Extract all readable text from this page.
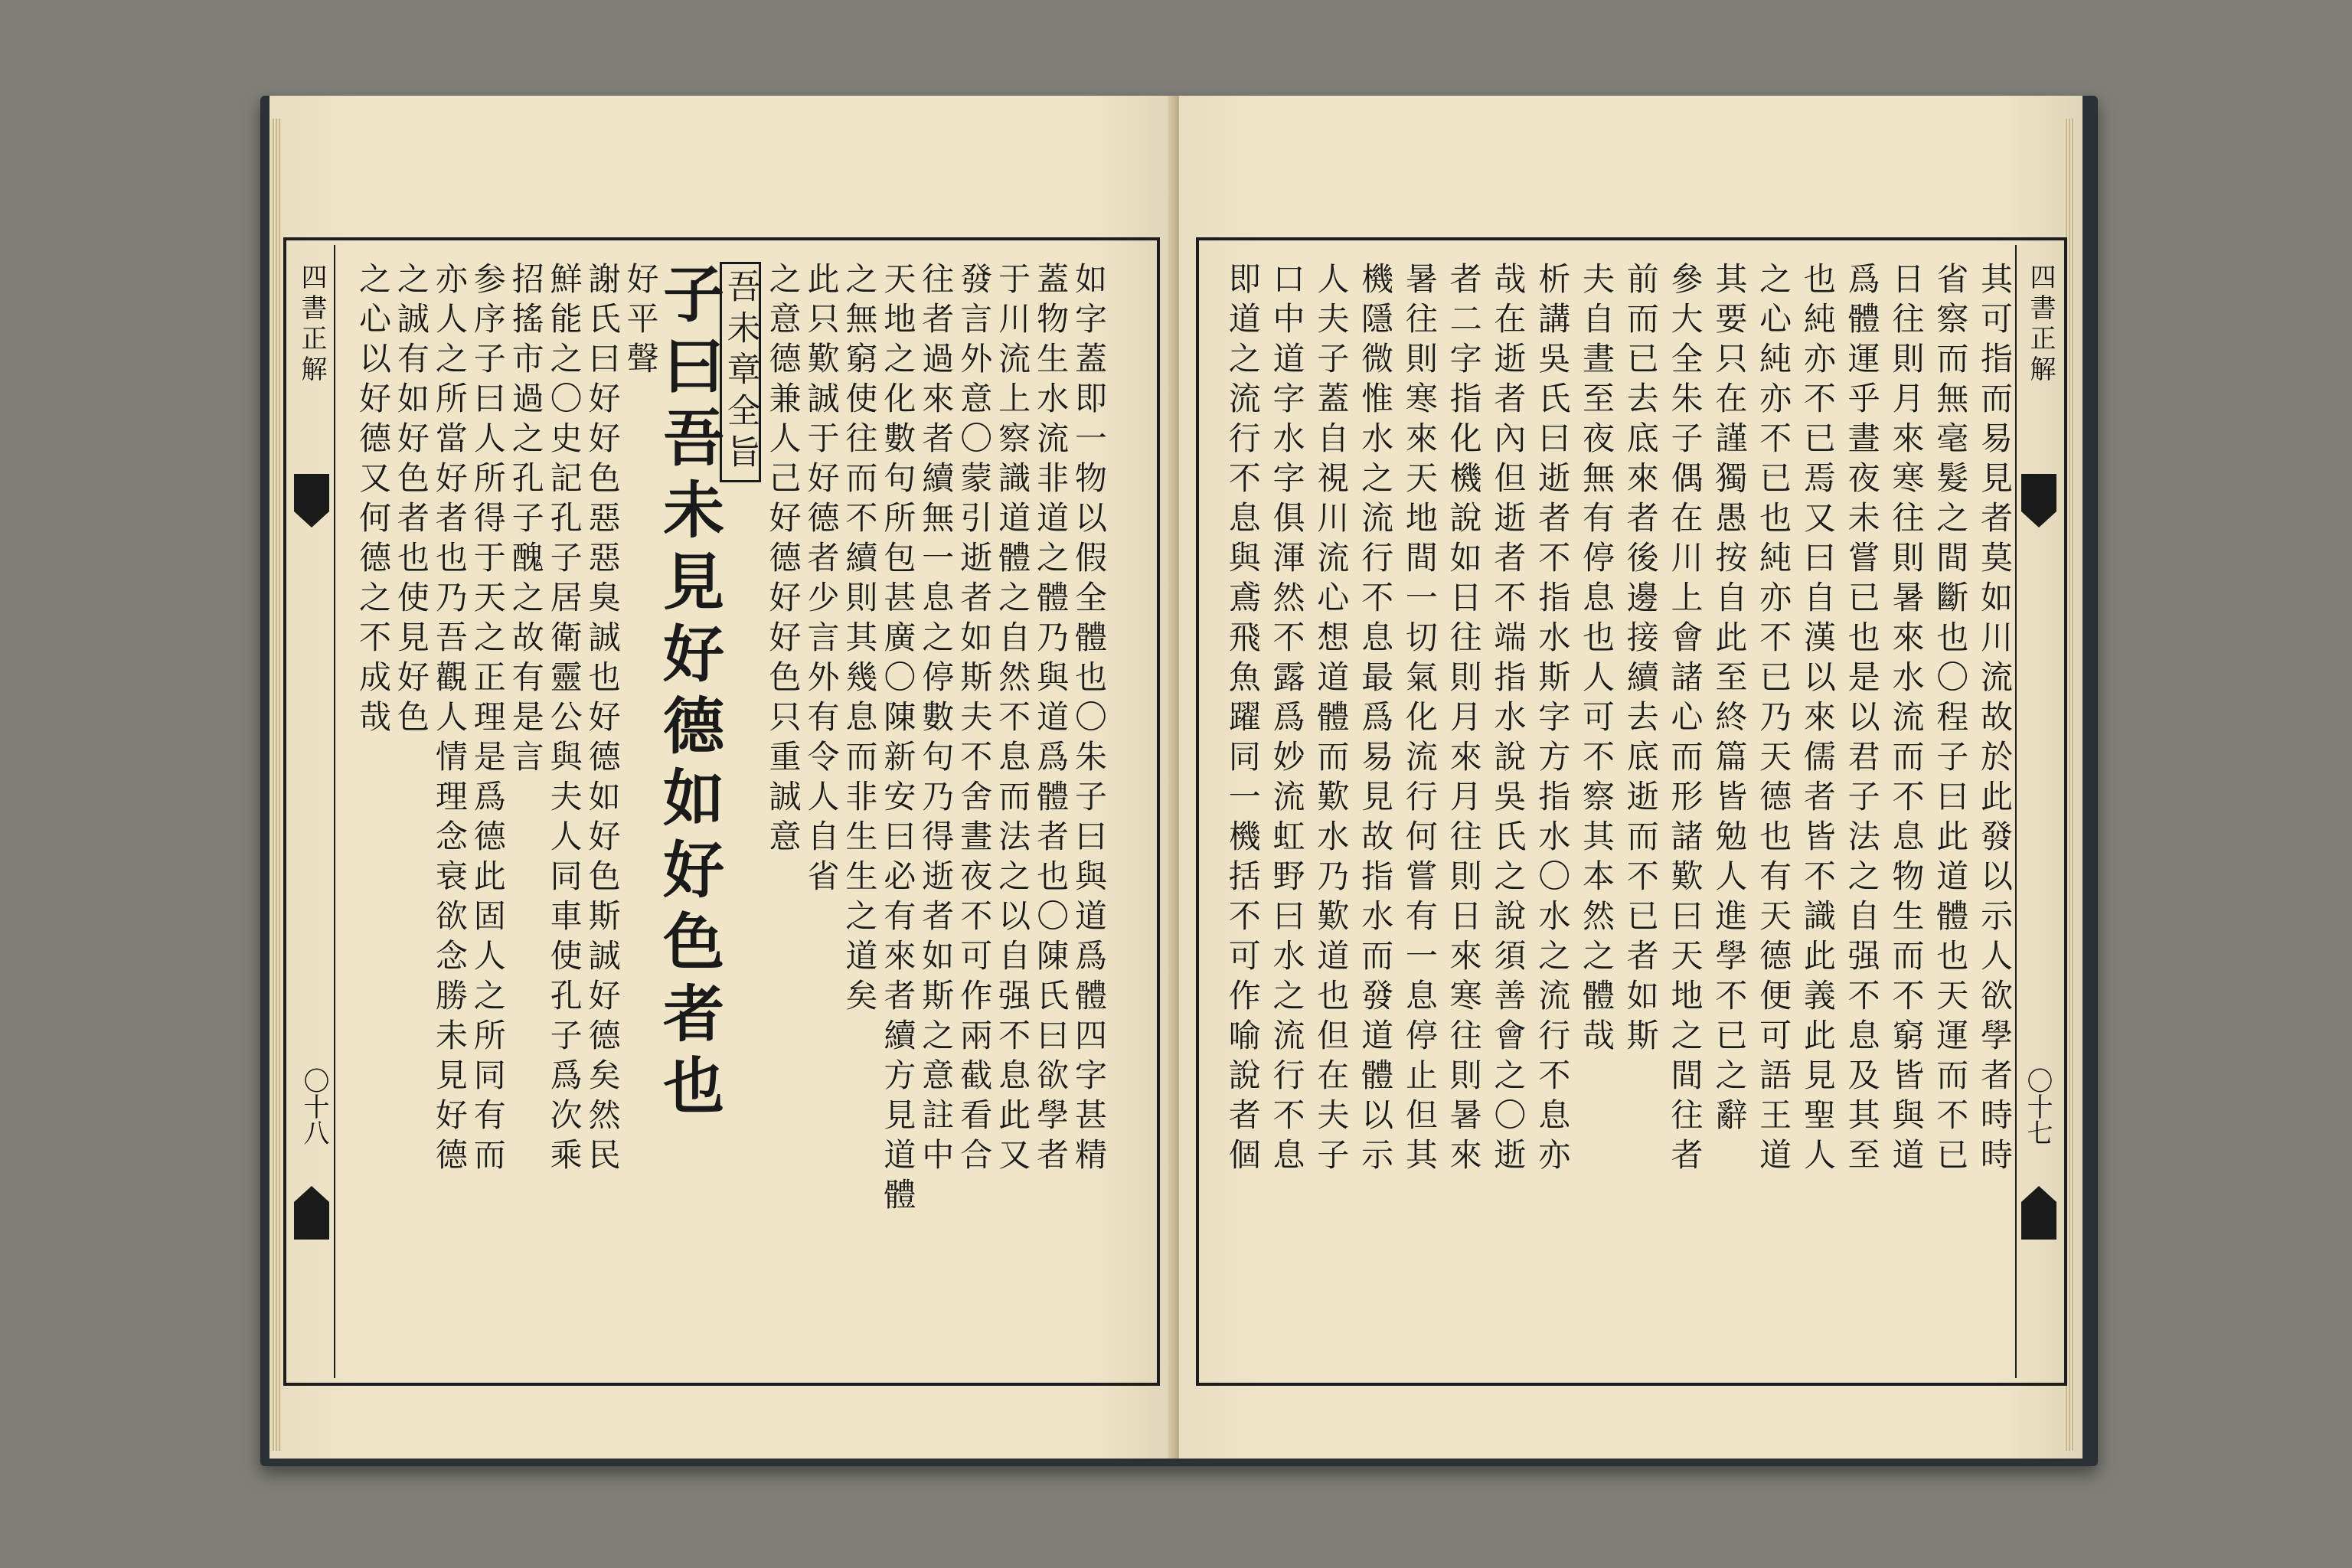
四書正解
〇十八	如字蓋即一物以假全體也〇朱子曰與道爲體四字甚精
蓋物生水流非道之體乃與道爲體者也〇陳氏曰欲學者
于川流上察識道體之自然不息而法之以自强不息此又
發言外意〇蒙引逝者如斯夫不舍晝夜不可作兩截看合
往者過來者續無一息之停數句乃得逝者如斯之意註中
天地之化數句所包甚廣〇陳新安曰必有來者續方見道體
之無窮使往而不續則其幾息而非生生之道矣
此只歎誠于好德者少言外有令人自省
之意德兼人己好德好好色只重誠意
吾未章全旨
子曰吾未見好德如好色者也
好平聲
謝氏曰好好色惡惡臭誠也好德如好色斯誠好德矣然民
鮮能之〇史記孔子居衛靈公與夫人同車使孔子爲次乘
招搖市過之孔子醜之故有是言
参序子曰人所得于天之正理是爲德此固人之所同有而
亦人之所當好者也乃吾觀人情理念衰欲念勝未見好德
之誠有如好色者也使見好色
之心以好德又何德之不成哉	四書正解
〇十七
其可指而易見者莫如川流故於此發以示人欲學者時時
省察而無毫髮之間斷也〇程子曰此道體也天運而不已
日往則月來寒往則暑來水流而不息物生而不窮皆與道
爲體運乎晝夜未嘗已也是以君子法之自强不息及其至
也純亦不已焉又曰自漢以來儒者皆不識此義此見聖人
之心純亦不已也純亦不已乃天德也有天德便可語王道
其要只在謹獨愚按自此至終篇皆勉人進學不已之辭
參大全朱子偶在川上會諸心而形諸歎曰天地之間往者
前而已去底來者後邊接續去底逝而不已者如斯
夫自晝至夜無有停息也人可不察其本然之體哉
析講吳氏曰逝者不指水斯字方指水〇水之流行不息亦
哉在逝者內但逝者不端指水說吳氏之說須善會之〇逝
者二字指化機說如日往則月來月往則日來寒往則暑來
暑往則寒來天地間一切氣化流行何嘗有一息停止但其
機隱微惟水之流行不息最爲易見故指水而發道體以示
人夫子蓋自視川流心想道體而歎水乃歎道也但在夫子
口中道字水字俱渾然不露爲妙流虹野曰水之流行不息
即道之流行不息與鳶飛魚躍同一機括不可作喻說者個
